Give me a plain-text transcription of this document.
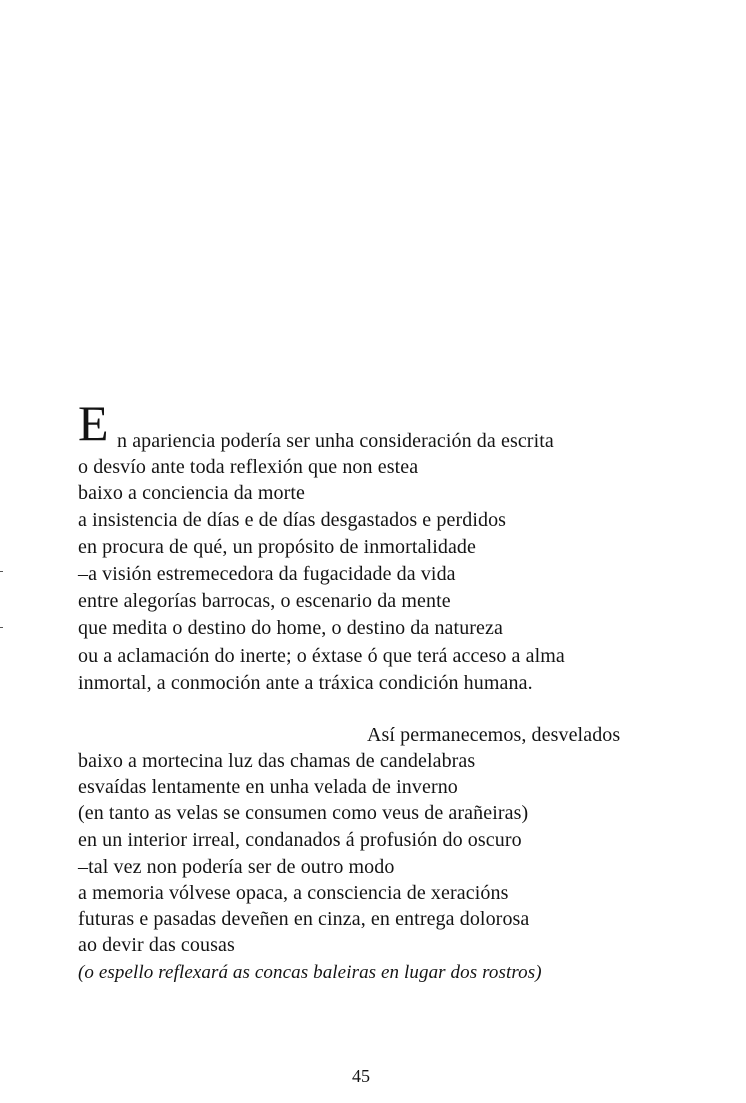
E n apariencia podería ser unha consideración da escrita
o desvío ante toda reflexión que non estea
baixo a conciencia da morte
a insistencia de días e de días desgastados e perdidos
en procura de qué, un propósito de inmortalidade
–a visión estremecedora da fugacidade da vida
entre alegorías barrocas, o escenario da mente
que medita o destino do home, o destino da natureza
ou a aclamación do inerte; o éxtase ó que terá acceso a alma
inmortal, a conmoción ante a tráxica condición humana.
Así permanecemos, desvelados
baixo a mortecina luz das chamas de candelabras
esvaídas lentamente en unha velada de inverno
(en tanto as velas se consumen como veus de arañeiras)
en un interior irreal, condanados á profusión do oscuro
–tal vez non podería ser de outro modo
a memoria vólvese opaca, a consciencia de xeracións
futuras e pasadas deveñen en cinza, en entrega dolorosa
ao devir das cousas
(o espello reflexará as concas baleiras en lugar dos rostros)
45
